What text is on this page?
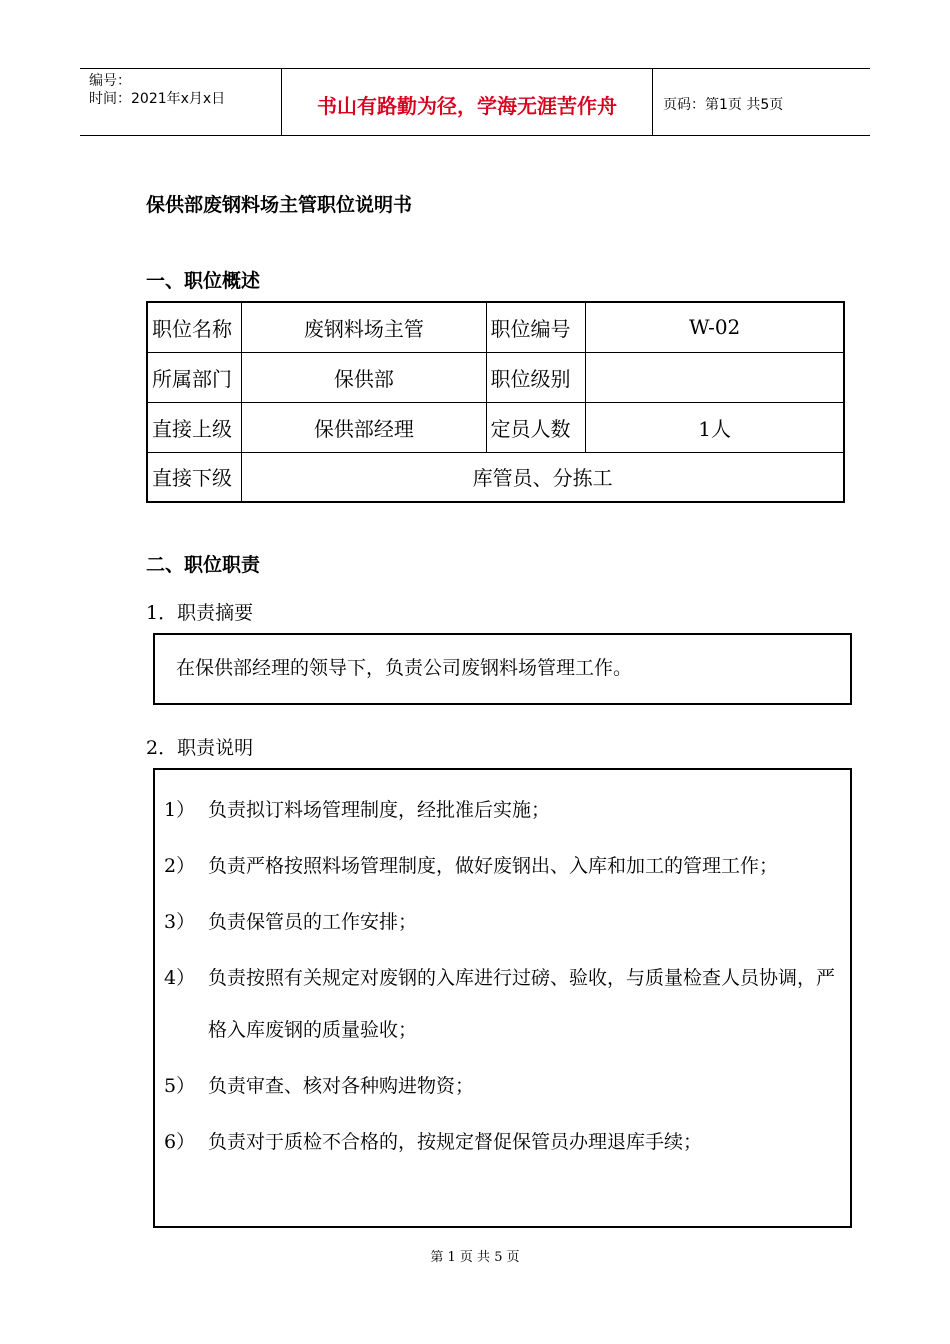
编号：
时间：2021年x月x日	书山有路勤为径，学海无涯苦作舟	页码：第1页 共5页
保供部废钢料场主管职位说明书
一、职位概述
职位名称	废钢料场主管	职位编号	W-02
所属部门	保供部	职位级别	
直接上级	保供部经理	定员人数	1人
直接下级	库管员、分拣工		
二、职位职责
1．职责摘要
在保供部经理的领导下，负责公司废钢料场管理工作。
2．职责说明
1） 负责拟订料场管理制度，经批准后实施；
2） 负责严格按照料场管理制度，做好废钢出、入库和加工的管理工作；
3） 负责保管员的工作安排；
4） 负责按照有关规定对废钢的入库进行过磅、验收，与质量检查人员协调，严格入库废钢的质量验收；
5） 负责审查、核对各种购进物资；
6） 负责对于质检不合格的，按规定督促保管员办理退库手续；
第 1 页 共 5 页
